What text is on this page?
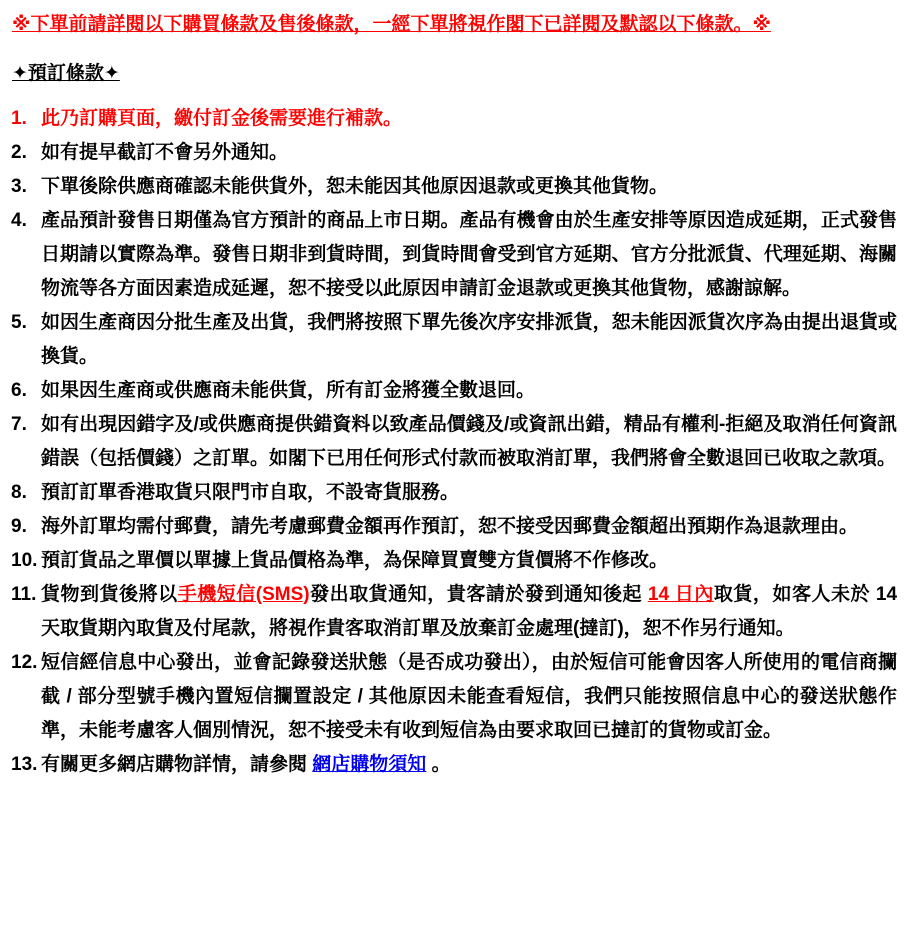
※下單前請詳閱以下購買條款及售後條款，一經下單將視作閣下已詳閱及默認以下條款。※
✦預訂條款✦
1. 此乃訂購頁面，繳付訂金後需要進行補款。
2. 如有提早截訂不會另外通知。
3. 下單後除供應商確認未能供貨外，恕未能因其他原因退款或更換其他貨物。
4. 產品預計發售日期僅為官方預計的商品上市日期。產品有機會由於生產安排等原因造成延期，正式發售日期請以實際為準。發售日期非到貨時間，到貨時間會受到官方延期、官方分批派貨、代理延期、海關物流等各方面因素造成延遲，恕不接受以此原因申請訂金退款或更換其他貨物，感謝諒解。
5. 如因生產商因分批生產及出貨，我們將按照下單先後次序安排派貨，恕未能因派貨次序為由提出退貨或換貨。
6. 如果因生產商或供應商未能供貨，所有訂金將獲全數退回。
7. 如有出現因錯字及/或供應商提供錯資料以致產品價錢及/或資訊出錯，精品有權利-拒絕及取消任何資訊錯誤（包括價錢）之訂單。如閣下已用任何形式付款而被取消訂單，我們將會全數退回已收取之款項。
8. 預訂訂單香港取貨只限門市自取，不設寄貨服務。
9. 海外訂單均需付郵費，請先考慮郵費金額再作預訂，恕不接受因郵費金額超出預期作為退款理由。
10. 預訂貨品之單價以單據上貨品價格為準，為保障買賣雙方貨價將不作修改。
11. 貨物到貨後將以手機短信(SMS)發出取貨通知，貴客請於發到通知後起 14 日內取貨，如客人未於 14 天取貨期內取貨及付尾款，將視作貴客取消訂單及放棄訂金處理(撻訂)，恕不作另行通知。
12. 短信經信息中心發出，並會記錄發送狀態（是否成功發出），由於短信可能會因客人所使用的電信商攔截 / 部分型號手機內置短信攔置設定 / 其他原因未能查看短信，我們只能按照信息中心的發送狀態作準，未能考慮客人個別情況，恕不接受未有收到短信為由要求取回已撻訂的貨物或訂金。
13. 有關更多網店購物詳情，請參閱 網店購物須知 。
